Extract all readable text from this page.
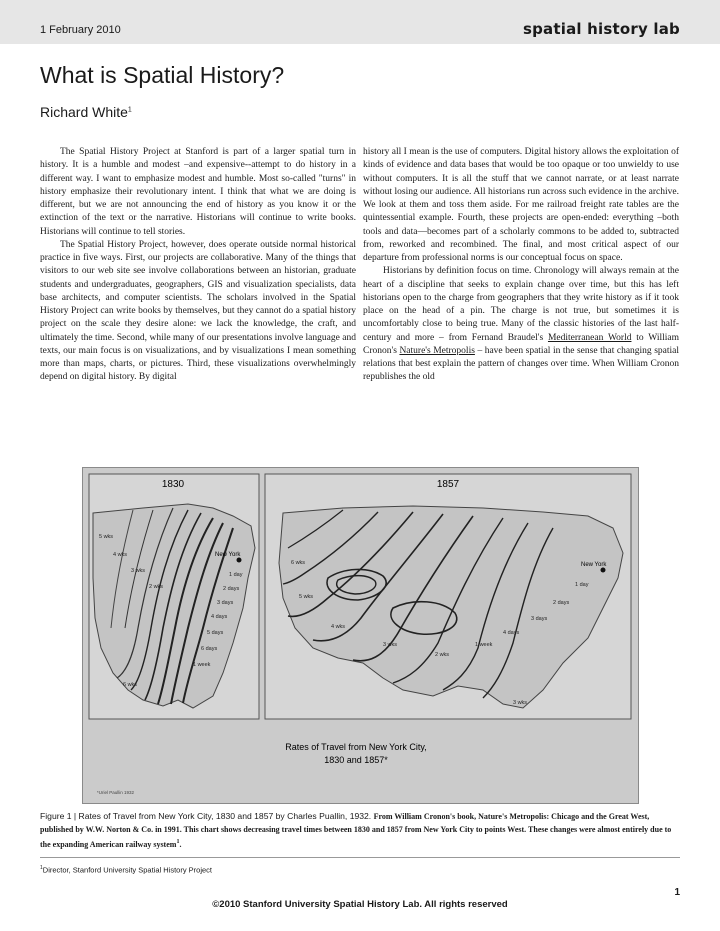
1 February 2010	spatial history lab
What is Spatial History?
Richard White$^1$

The Spatial History Project at Stanford is part of a larger spatial turn in history. It is a humble and modest –and expensive--attempt to do history in a different way. I want to emphasize modest and humble. Most so-called "turns" in history emphasize their revolutionary intent. I think that what we are doing is different, but we are not announcing the end of history as you know it or the extinction of the text or the narrative. Historians will continue to write books. Historians will continue to tell stories.

The Spatial History Project, however, does operate outside normal historical practice in five ways. First, our projects are collaborative. Many of the things that visitors to our web site see involve collaborations between an historian, graduate students and undergraduates, geographers, GIS and visualization specialists, data base architects, and computer scientists. The scholars involved in the Spatial History Project can write books by themselves, but they cannot do a spatial history project on the scale they desire alone: we lack the knowledge, the craft, and ultimately the time. Second, while many of our presentations involve language and texts, our main focus is on visualizations, and by visualizations I mean something more than maps, charts, or pictures. Third, these visualizations overwhelmingly depend on digital history. By digital

history all I mean is the use of computers. Digital history allows the exploitation of kinds of evidence and data bases that would be too opaque or too unwieldy to use without computers. It is all the stuff that we cannot narrate, or at least narrate without losing our audience. All historians run across such evidence in the archive. We look at them and toss them aside. For me railroad freight rate tables are the quintessential example. Fourth, these projects are open-ended: everything –both tools and data—becomes part of a scholarly commons to be added to, subtracted from, reworked and recombined. The final, and most critical aspect of our departure from professional norms is our conceptual focus on space.

Historians by definition focus on time. Chronology will always remain at the heart of a discipline that seeks to explain change over time, but this has left historians open to the charge from geographers that they write history as if it took place on the head of a pin. The charge is not true, but sometimes it is uncomfortably close to being true. Many of the classic histories of the last half-century and more – from Fernand Braudel's Mediterranean World to William Cronon's Nature's Metropolis – have been spatial in the sense that changing spatial relations that best explain the pattern of changes over time. When William Cronon republishes the old

New York
1 day
2 days
3 days
4 days
5 days
6 days
1 week
5 wks
4 wks
3 wks
2 wks
6 wks
1830
New York
1 day
2 days
3 days
4 days
1 week
2 wks
3 wks
4 wks
5 wks
6 wks
3 wks
1857
Rates of Travel from New York City,
1830 and 1857*
*Uriel Paullin 1932
Figure 1 | Rates of Travel from New York City, 1830 and 1857 by Charles Puallin, 1932. From William Cronon's book, Nature's Metropolis: Chicago and the Great West, published by W.W. Norton & Co. in 1991. This chart shows decreasing travel times between 1830 and 1857 from New York City to points West. These changes were almost entirely due to the expanding American railway system$^1$.
$^1$Director, Stanford University Spatial History Project
1
©2010 Stanford University Spatial History Lab. All rights reserved
